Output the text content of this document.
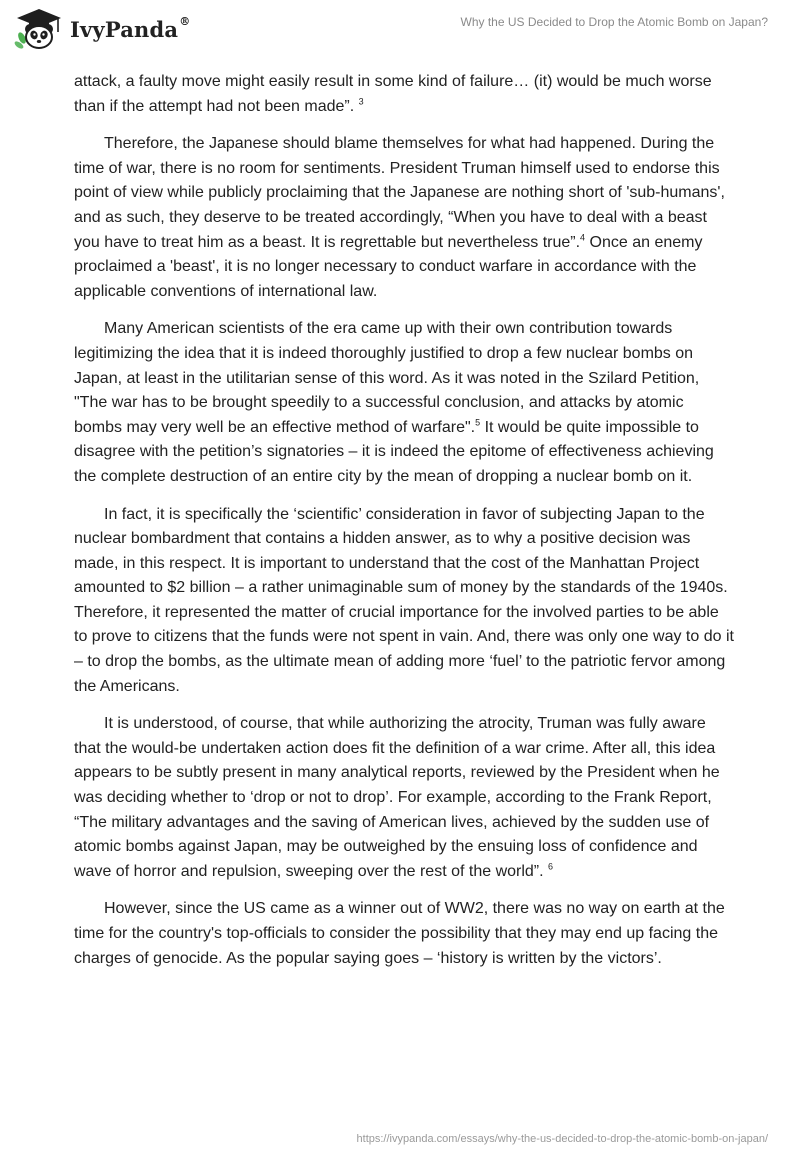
IvyPanda®	Why the US Decided to Drop the Atomic Bomb on Japan?

attack, a faulty move might easily result in some kind of failure… (it) would be much worse than if the attempt had not been made”. $^3$

Therefore, the Japanese should blame themselves for what had happened. During the time of war, there is no room for sentiments. President Truman himself used to endorse this point of view while publicly proclaiming that the Japanese are nothing short of 'sub-humans', and as such, they deserve to be treated accordingly, “When you have to deal with a beast you have to treat him as a beast. It is regrettable but nevertheless true”.$^4$ Once an enemy proclaimed a 'beast', it is no longer necessary to conduct warfare in accordance with the applicable conventions of international law.

Many American scientists of the era came up with their own contribution towards legitimizing the idea that it is indeed thoroughly justified to drop a few nuclear bombs on Japan, at least in the utilitarian sense of this word. As it was noted in the Szilard Petition, "The war has to be brought speedily to a successful conclusion, and attacks by atomic bombs may very well be an effective method of warfare".$^5$ It would be quite impossible to disagree with the petition’s signatories – it is indeed the epitome of effectiveness achieving the complete destruction of an entire city by the mean of dropping a nuclear bomb on it.

In fact, it is specifically the ‘scientific’ consideration in favor of subjecting Japan to the nuclear bombardment that contains a hidden answer, as to why a positive decision was made, in this respect. It is important to understand that the cost of the Manhattan Project amounted to $2 billion – a rather unimaginable sum of money by the standards of the 1940s. Therefore, it represented the matter of crucial importance for the involved parties to be able to prove to citizens that the funds were not spent in vain. And, there was only one way to do it – to drop the bombs, as the ultimate mean of adding more ‘fuel’ to the patriotic fervor among the Americans.

It is understood, of course, that while authorizing the atrocity, Truman was fully aware that the would-be undertaken action does fit the definition of a war crime. After all, this idea appears to be subtly present in many analytical reports, reviewed by the President when he was deciding whether to ‘drop or not to drop’. For example, according to the Frank Report, “The military advantages and the saving of American lives, achieved by the sudden use of atomic bombs against Japan, may be outweighed by the ensuing loss of confidence and wave of horror and repulsion, sweeping over the rest of the world”. $^6$

However, since the US came as a winner out of WW2, there was no way on earth at the time for the country's top-officials to consider the possibility that they may end up facing the charges of genocide. As the popular saying goes – ‘history is written by the victors’.

https://ivypanda.com/essays/why-the-us-decided-to-drop-the-atomic-bomb-on-japan/
